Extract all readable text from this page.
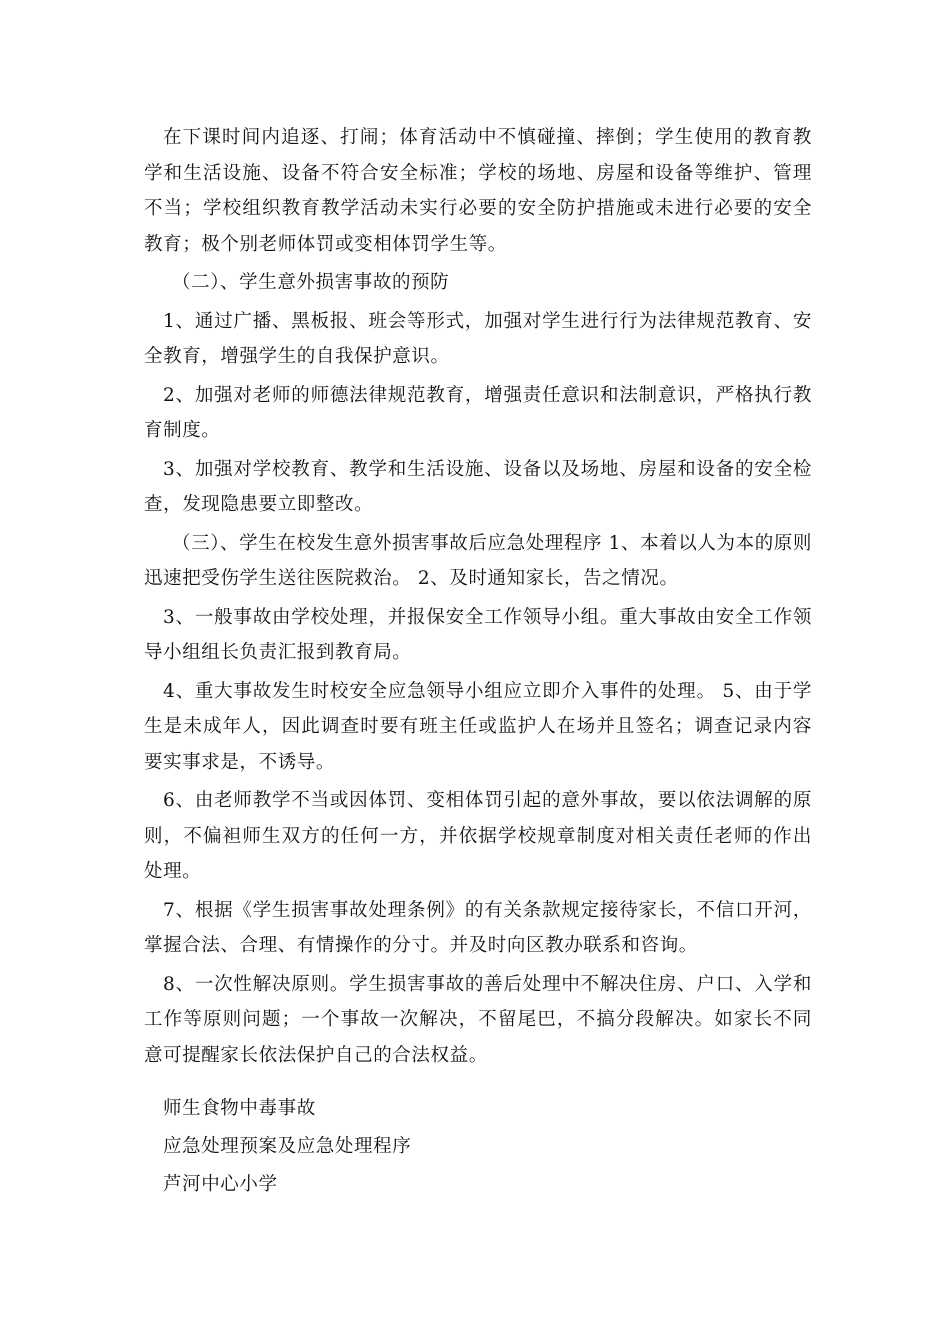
在下课时间内追逐、打闹；体育活动中不慎碰撞、摔倒；学生使用的教育教学和生活设施、设备不符合安全标准；学校的场地、房屋和设备等维护、管理不当；学校组织教育教学活动未实行必要的安全防护措施或未进行必要的安全教育；极个别老师体罚或变相体罚学生等。

（二）、学生意外损害事故的预防

1、通过广播、黑板报、班会等形式，加强对学生进行行为法律规范教育、安全教育，增强学生的自我保护意识。

2、加强对老师的师德法律规范教育，增强责任意识和法制意识，严格执行教育制度。

3、加强对学校教育、教学和生活设施、设备以及场地、房屋和设备的安全检查，发现隐患要立即整改。

（三）、学生在校发生意外损害事故后应急处理程序 1、本着以人为本的原则迅速把受伤学生送往医院救治。 2、及时通知家长，告之情况。

3、一般事故由学校处理，并报保安全工作领导小组。重大事故由安全工作领导小组组长负责汇报到教育局。

4、重大事故发生时校安全应急领导小组应立即介入事件的处理。 5、由于学生是未成年人，因此调查时要有班主任或监护人在场并且签名；调查记录内容要实事求是，不诱导。

6、由老师教学不当或因体罚、变相体罚引起的意外事故，要以依法调解的原则，不偏袒师生双方的任何一方，并依据学校规章制度对相关责任老师的作出处理。

7、根据《学生损害事故处理条例》的有关条款规定接待家长，不信口开河，掌握合法、合理、有情操作的分寸。并及时向区教办联系和咨询。

8、一次性解决原则。学生损害事故的善后处理中不解决住房、户口、入学和工作等原则问题；一个事故一次解决，不留尾巴，不搞分段解决。如家长不同意可提醒家长依法保护自己的合法权益。

师生食物中毒事故
应急处理预案及应急处理程序
芦河中心小学
